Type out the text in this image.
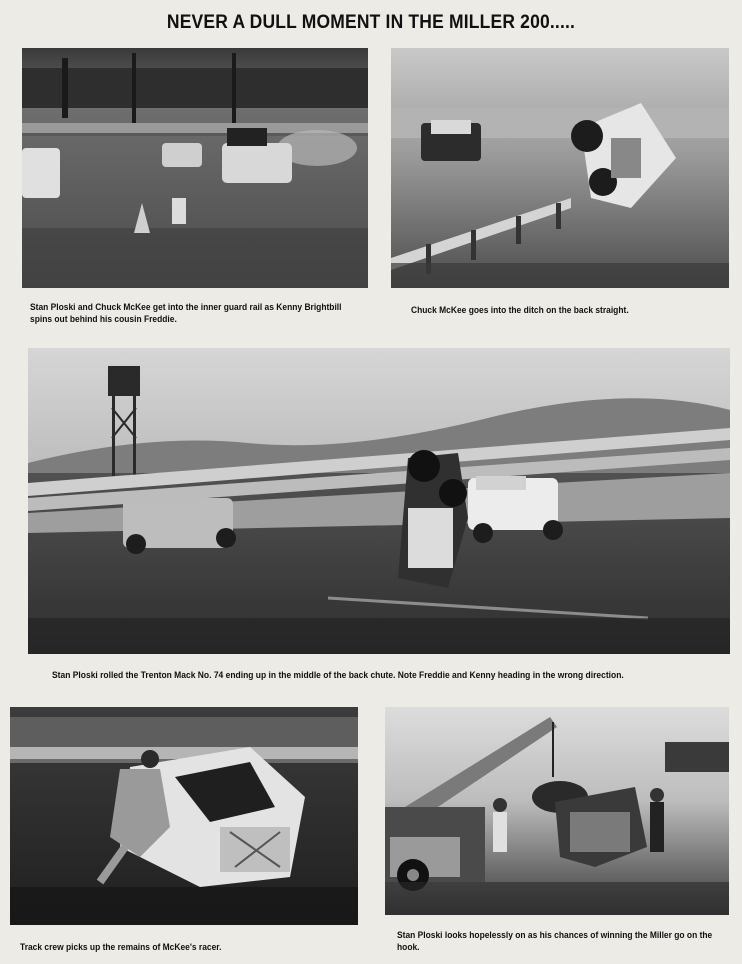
NEVER A DULL MOMENT IN THE MILLER 200.....
Stan Ploski and Chuck McKee get into the inner guard rail as Kenny Brightbill spins out behind his cousin Freddie.
Chuck McKee goes into the ditch on the back straight.
Stan Ploski rolled the Trenton Mack No. 74 ending up in the middle of the back chute. Note Freddie and Kenny heading in the wrong direction.
Track crew picks up the remains of McKee's racer.
Stan Ploski looks hopelessly on as his chances of winning the Miller go on the hook.
